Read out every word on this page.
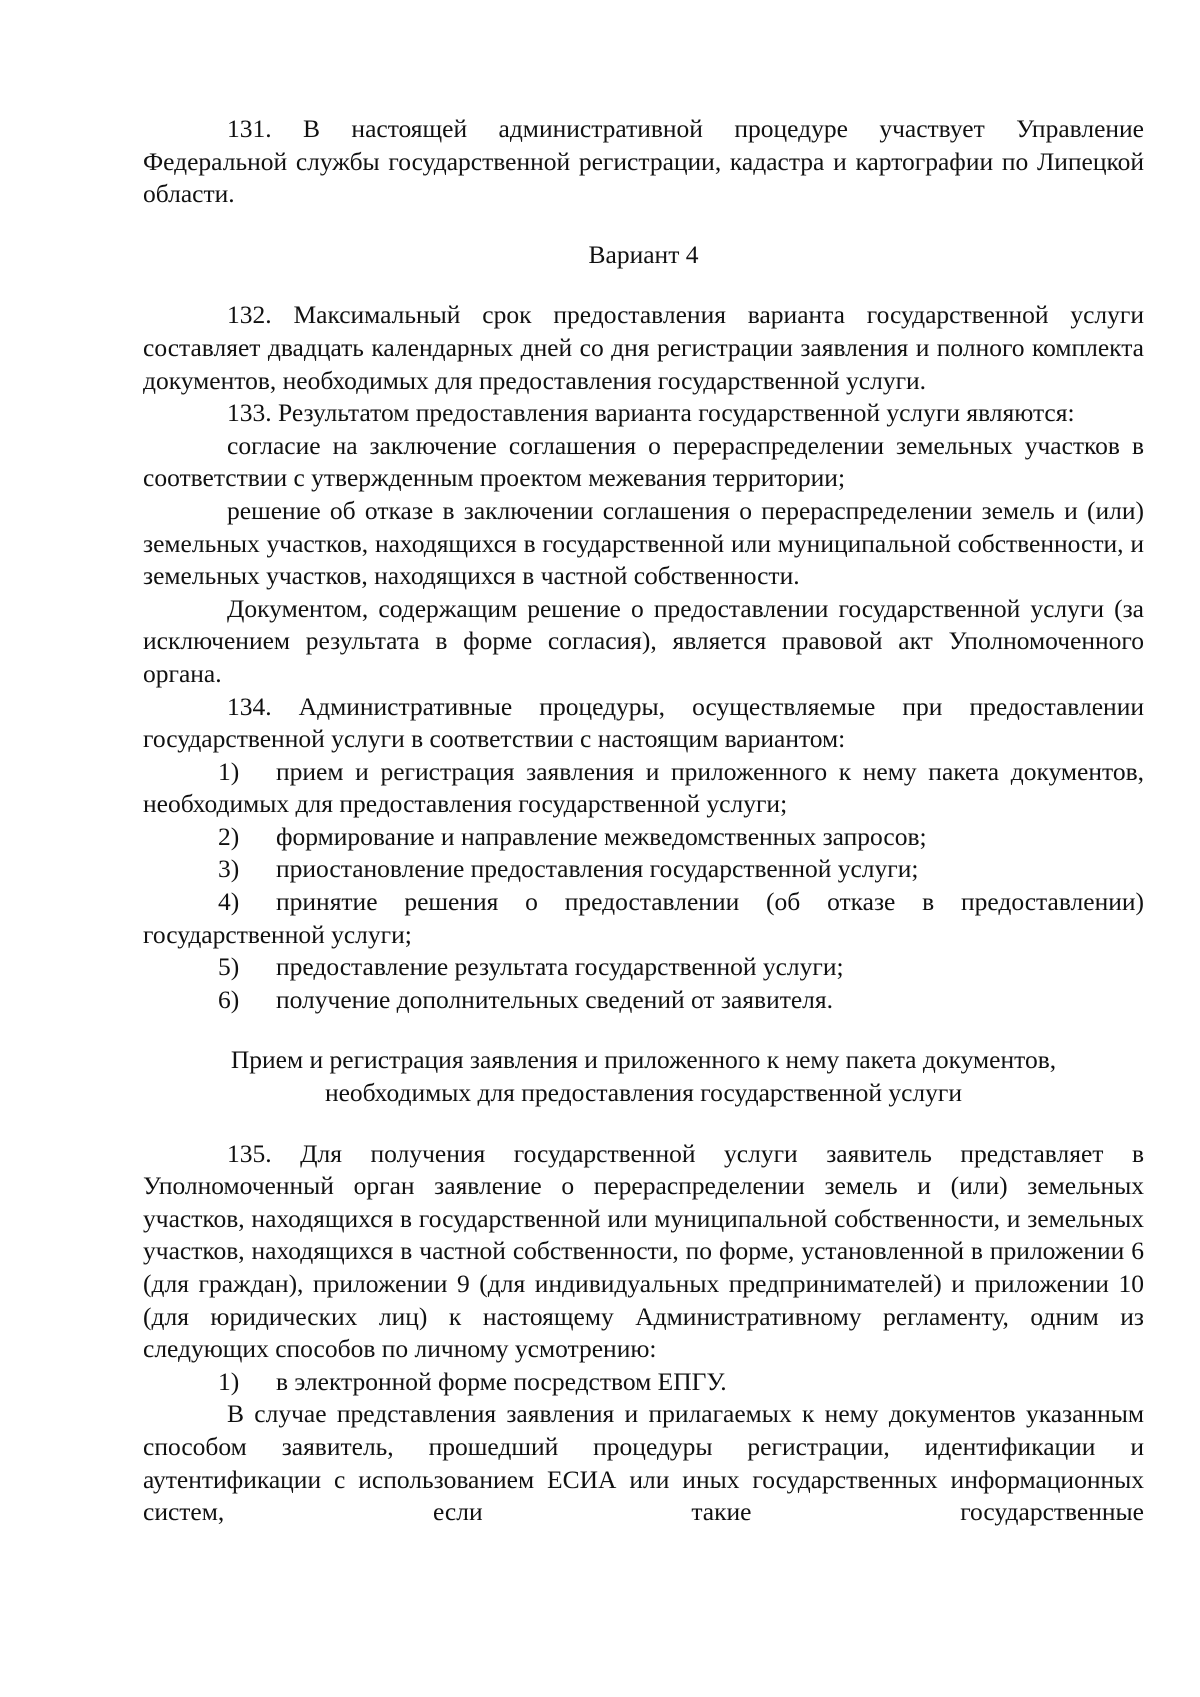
131. В настоящей административной процедуре участвует Управление Федеральной службы государственной регистрации, кадастра и картографии по Липецкой области.

Вариант 4

132. Максимальный срок предоставления варианта государственной услуги составляет двадцать календарных дней со дня регистрации заявления и полного комплекта документов, необходимых для предоставления государственной услуги.

133. Результатом предоставления варианта государственной услуги являются:

согласие на заключение соглашения о перераспределении земельных участков в соответствии с утвержденным проектом межевания территории;

решение об отказе в заключении соглашения о перераспределении земель и (или) земельных участков, находящихся в государственной или муниципальной собственности, и земельных участков, находящихся в частной собственности.

Документом, содержащим решение о предоставлении государственной услуги (за исключением результата в форме согласия), является правовой акт Уполномоченного органа.

134. Административные процедуры, осуществляемые при предоставлении государственной услуги в соответствии с настоящим вариантом:

1) прием и регистрация заявления и приложенного к нему пакета документов, необходимых для предоставления государственной услуги;

2) формирование и направление межведомственных запросов;

3) приостановление предоставления государственной услуги;

4) принятие решения о предоставлении (об отказе в предоставлении) государственной услуги;

5) предоставление результата государственной услуги;

6) получение дополнительных сведений от заявителя.

Прием и регистрация заявления и приложенного к нему пакета документов,
необходимых для предоставления государственной услуги

135. Для получения государственной услуги заявитель представляет в Уполномоченный орган заявление о перераспределении земель и (или) земельных участков, находящихся в государственной или муниципальной собственности, и земельных участков, находящихся в частной собственности, по форме, установленной в приложении 6 (для граждан), приложении 9 (для индивидуальных предпринимателей) и приложении 10 (для юридических лиц) к настоящему Административному регламенту, одним из следующих способов по личному усмотрению:

1) в электронной форме посредством ЕПГУ.

В случае представления заявления и прилагаемых к нему документов указанным способом заявитель, прошедший процедуры регистрации, идентификации и аутентификации с использованием ЕСИА или иных государственных информационных систем, если такие государственные
